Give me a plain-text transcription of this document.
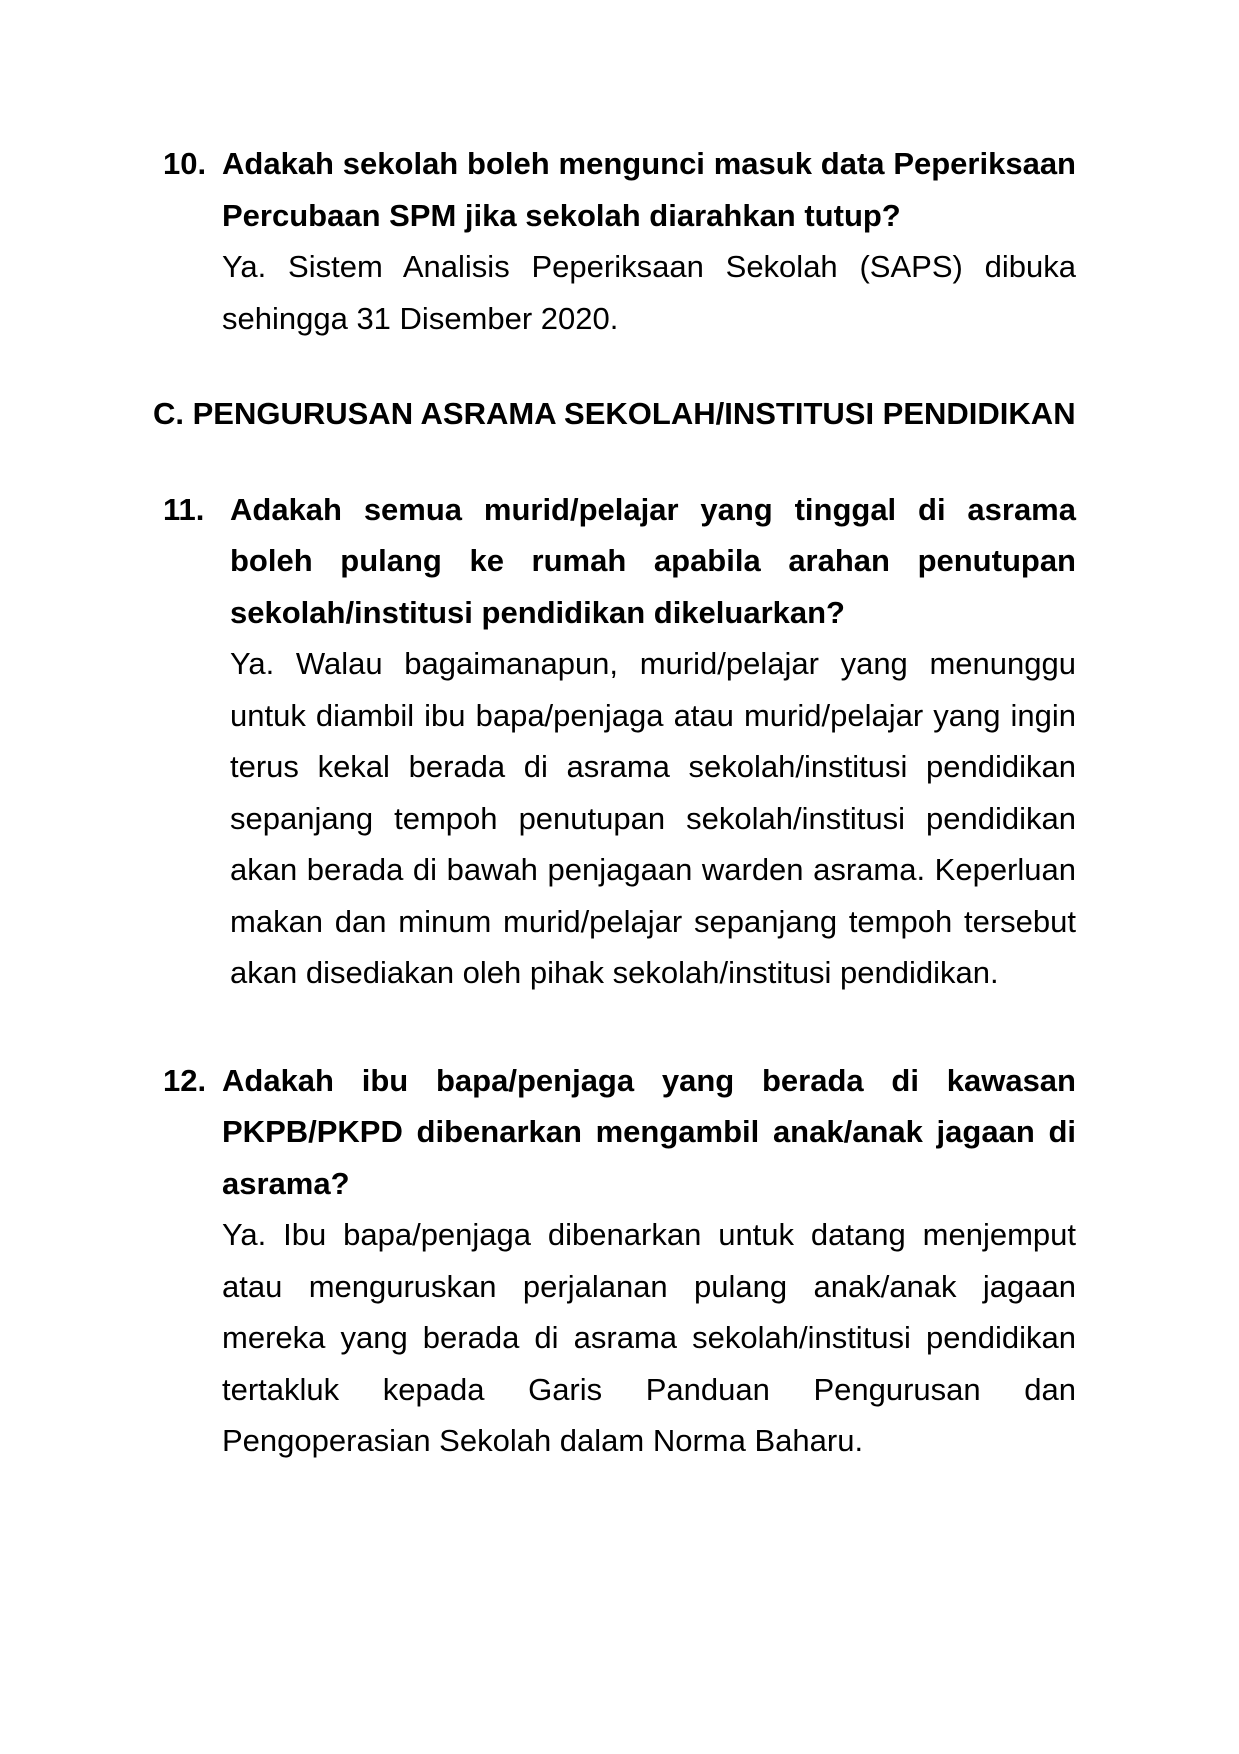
10. Adakah sekolah boleh mengunci masuk data Peperiksaan Percubaan SPM jika sekolah diarahkan tutup?

Ya. Sistem Analisis Peperiksaan Sekolah (SAPS) dibuka sehingga 31 Disember 2020.

C. PENGURUSAN ASRAMA SEKOLAH/INSTITUSI PENDIDIKAN
11. Adakah semua murid/pelajar yang tinggal di asrama boleh pulang ke rumah apabila arahan penutupan sekolah/institusi pendidikan dikeluarkan?

Ya. Walau bagaimanapun, murid/pelajar yang menunggu untuk diambil ibu bapa/penjaga atau murid/pelajar yang ingin terus kekal berada di asrama sekolah/institusi pendidikan sepanjang tempoh penutupan sekolah/institusi pendidikan akan berada di bawah penjagaan warden asrama. Keperluan makan dan minum murid/pelajar sepanjang tempoh tersebut akan disediakan oleh pihak sekolah/institusi pendidikan.

12. Adakah ibu bapa/penjaga yang berada di kawasan PKPB/PKPD dibenarkan mengambil anak/anak jagaan di asrama?

Ya. Ibu bapa/penjaga dibenarkan untuk datang menjemput atau menguruskan perjalanan pulang anak/anak jagaan mereka yang berada di asrama sekolah/institusi pendidikan tertakluk kepada Garis Panduan Pengurusan dan Pengoperasian Sekolah dalam Norma Baharu.
